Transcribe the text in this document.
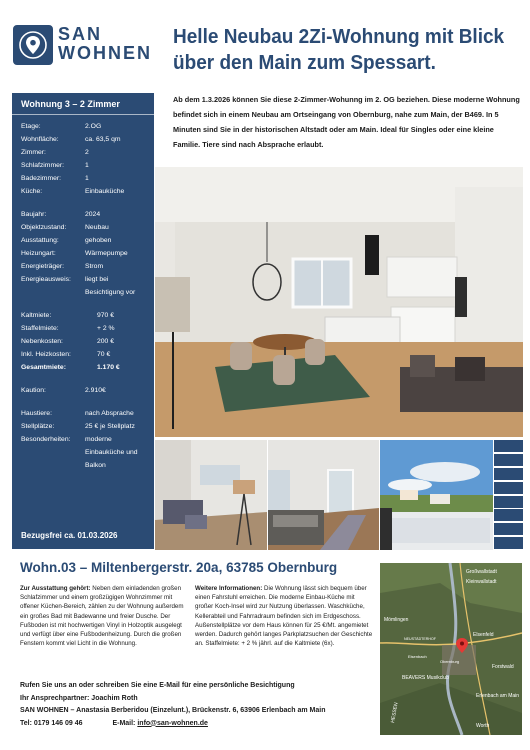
SAN
WOHNEN
Helle Neubau 2Zi-Wohnung mit Blick über den Main zum Spessart.
Wohnung 3 – 2 Zimmer
Etage:	2.OG
Wohnfläche:	ca. 63,5 qm
Zimmer:	2
Schlafzimmer:	1
Badezimmer:	1
Küche:	Einbauküche
Baujahr:	2024
Objektzustand:	Neubau
Ausstattung:	gehoben
Heizungart:	Wärmepumpe
Energieträger:	Strom
Energieausweis:	liegt bei
Besichtigung vor
Kaltmiete:	970 €
Staffelmiete:	+ 2 %
Nebenkosten:	200 €
Inkl. Heizkosten:	70 €
Gesamtmiete:	1.170 €
Kaution:	2.910€
Haustiere:	nach Absprache
Stellplätze:	25 € je Stellplatz
Besonderheiten:	moderne
Einbauküche und
Balkon
Bezugsfrei ca. 01.03.2026
Ab dem 1.3.2026 können Sie diese 2-Zimmer-Wohunng im 2. OG beziehen. Diese moderne Wohnung befindet sich in einem Neubau am Ortseingang von Obernburg, nahe zum Main, der B469. In 5 Minuten sind Sie in der historischen Altstadt oder am Main. Ideal für Singles oder eine kleine Familie. Tiere sind nach Absprache erlaubt.
Wohn.03 – Miltenbergerstr. 20a, 63785 Obernburg
Zur Ausstattung gehört: Neben dem einladenden großen Schlafzimmer und einem großzügigen Wohnzimmer mit offener Küchen-Bereich, zählen zu der Wohnung außerdem ein großes Bad mit Badewanne und freier Dusche. Der Fußboden ist mit hochwertigen Vinyl in Holzoptik ausgelegt und verfügt über eine Fußbodenheizung. Durch die großen Fenstern kommt viel Licht in die Wohnung.
Weitere Informationen: Die Wohnung lässt sich bequem über einen Fahrstuhl erreichen. Die moderne Einbau-Küche mit großer Koch-Insel wird zur Nutzung überlassen. Waschküche, Kellerabteil und Fahrradraum befinden sich im Erdgeschoss. Außenstellplätze vor dem Haus können für 25 €/Mt. angemietet werden. Dadurch gehört langes Parkplatzsuchen der Geschichte an. Staffelmiete: + 2 % jährl. auf die Kaltmiete (6x).
Großwallstadt
Kleinwallstadt
Mömlingen
Elsenfeld
Forstwald
BEAVERS Musikclub
Erlenbach am Main
Worth
HESSEN
NEUSTÄDTERHOF
Eisenbach
Obernburg
Rufen Sie uns an oder schreiben Sie eine E-Mail für eine persönliche Besichtigung
Ihr Ansprechpartner: Joachim Roth
SAN WOHNEN – Anastasia Berberidou (Einzelunt.), Brückenstr. 6, 63906 Erlenbach am Main
Tel: 0179 146 09 46	E-Mail: info@san-wohnen.de
